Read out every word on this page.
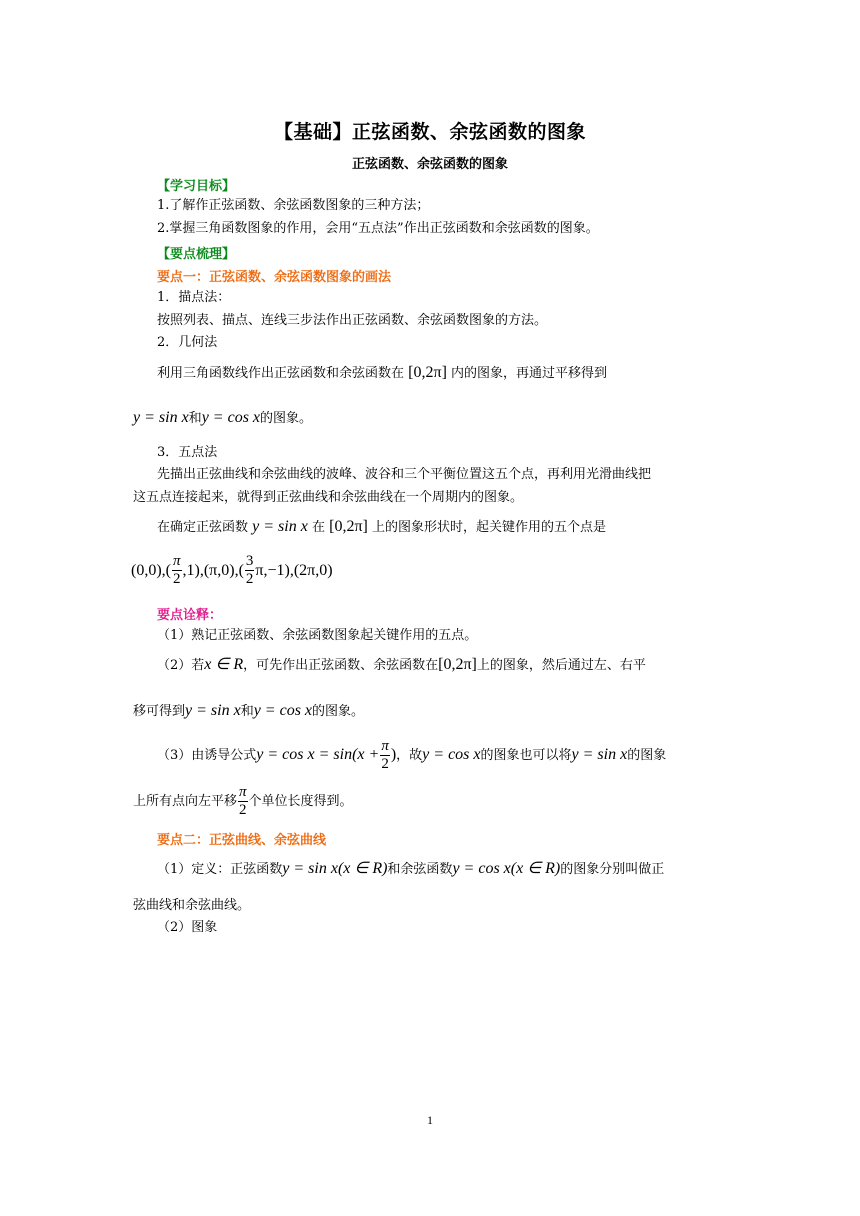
【基础】正弦函数、余弦函数的图象
正弦函数、余弦函数的图象
【学习目标】
1.了解作正弦函数、余弦函数图象的三种方法；
2.掌握三角函数图象的作用，会用“五点法”作出正弦函数和余弦函数的图象。
【要点梳理】
要点一：正弦函数、余弦函数图象的画法
1．描点法：
按照列表、描点、连线三步法作出正弦函数、余弦函数图象的方法。
2．几何法
利用三角函数线作出正弦函数和余弦函数在 [0,2π] 内的图象，再通过平移得到
y = sin x和y = cos x的图象。
3．五点法
先描出正弦曲线和余弦曲线的波峰、波谷和三个平衡位置这五个点，再利用光滑曲线把
这五点连接起来，就得到正弦曲线和余弦曲线在一个周期内的图象。
在确定正弦函数 y = sin x 在 [0,2π] 上的图象形状时，起关键作用的五个点是
$(0,0),( \frac{\pi}{2} ,1),(\pi,0),( \frac{3}{2} \pi,-1),(2\pi,0)$
要点诠释：
（1）熟记正弦函数、余弦函数图象起关键作用的五点。
（2）若x ∈ R，可先作出正弦函数、余弦函数在[0,2π]上的图象，然后通过左、右平
移可得到y = sin x和y = cos x的图象。
（3）由诱导公式$y = \cos x = \sin(x + \frac{\pi}{2}$ )，故y = cos x的图象也可以将y = sin x的图象
上所有点向左平移 $\frac{\pi}{2}$ 个单位长度得到。
要点二：正弦曲线、余弦曲线
（1）定义：正弦函数y = sin x(x ∈ R)和余弦函数y = cos x(x ∈ R)的图象分别叫做正
弦曲线和余弦曲线。
（2）图象
1
